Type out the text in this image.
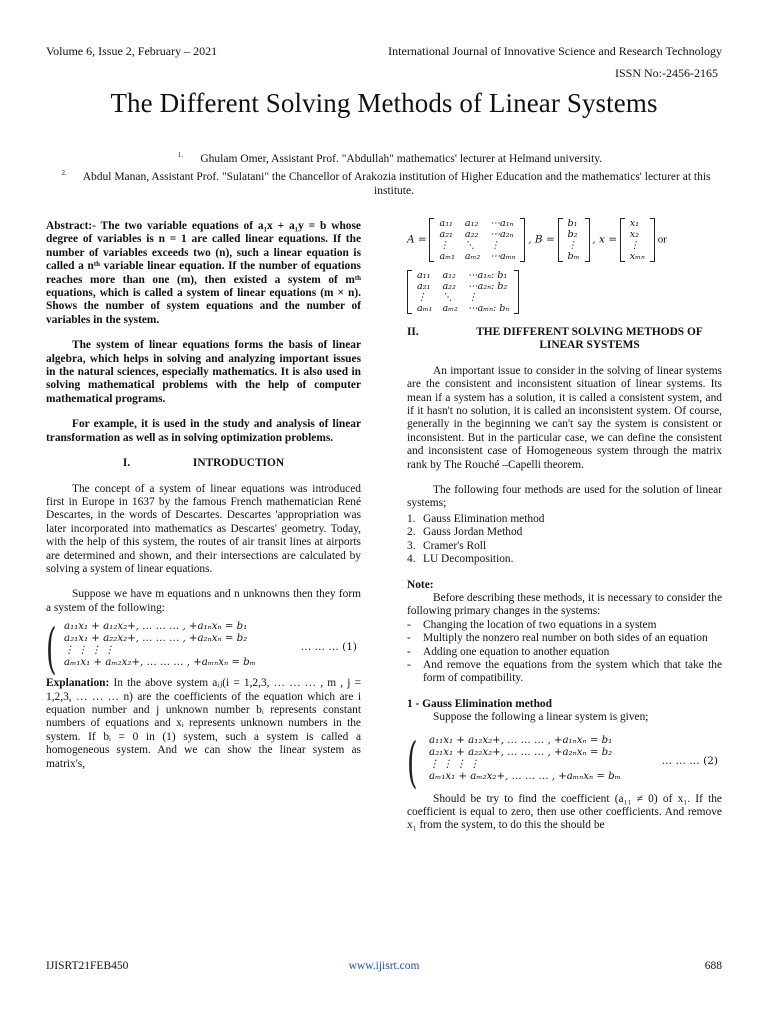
Volume 6, Issue 2, February – 2021	International Journal of Innovative Science and Research Technology
ISSN No:-2456-2165
The Different Solving Methods of Linear Systems
$^{1.}$ Ghulam Omer, Assistant Prof. "Abdullah" mathematics' lecturer at Helmand university.
$^{2.}$ Abdul Manan, Assistant Prof. "Sulatani" the Chancellor of Arakozia institution of Higher Education and the mathematics' lecturer at this institute.

Abstract:- The two variable equations of a₁x + a₁y = b whose degree of variables is n = 1 are called linear equations. If the number of variables exceeds two (n), such a linear equation is called a nᵗʰ variable linear equation. If the number of equations reaches more than one (m), then existed a system of mᵗʰ equations, which is called a system of linear equations (m × n). Shows the number of system equations and the number of variables in the system.

The system of linear equations forms the basis of linear algebra, which helps in solving and analyzing important issues in the natural sciences, especially mathematics. It is also used in solving mathematical problems with the help of computer mathematical programs.

For example, it is used in the study and analysis of linear transformation as well as in solving optimization problems.

I.	INTRODUCTION

The concept of a system of linear equations was introduced first in Europe in 1637 by the famous French mathematician René Descartes, in the words of Descartes. Descartes 'appropriation was later incorporated into mathematics as Descartes' geometry. Today, with the help of this system, the routes of air transit lines at airports are determined and shown, and their intersections are calculated by solving a system of linear equations.

Suppose we have m equations and n unknowns then they form a system of the following:

( a₁₁x₁ + a₁₂x₂+, … … … , +a₁ₙxₙ = b₁
a₂₁x₁ + a₂₂x₂+, … … … , +a₂ₙxₙ = b₂
⋮ ⋮ ⋮ ⋮
aₘ₁x₁ + aₘ₂x₂+, … … … , +aₘₙxₙ = bₘ
… … … (1)

Explanation: In the above system aᵢⱼ(i = 1,2,3, … … … , m , j = 1,2,3, … … … n) are the coefficients of the equation which are i equation number and j unknown number bᵢ represents constant numbers of equations and xᵢ represents unknown numbers in the system. If bᵢ = 0 in (1) system, such a system is called a homogeneous system. And we can show the linear system as matrix's,

A =
a₁₁	a₁₂	⋯a₁ₙ
a₂₁	a₂₂	⋯a₂ₙ
⋮	⋱	⋮
aₘ₁	aₘ₂	⋯aₘₙ
, B =
b₁
b₂
⋮
bₘ
, x =
x₁
x₂
⋮
xₘₙ
or
a₁₁	a₁₂	⋯a₁ₙ: b₁
a₂₁	a₂₂	⋯a₂ₙ: b₂
⋮	⋱	⋮
aₘ₁	aₘ₂	⋯aₘₙ: bₙ
II.	THE DIFFERENT SOLVING METHODS OF LINEAR SYSTEMS

An important issue to consider in the solving of linear systems are the consistent and inconsistent situation of linear systems. Its mean if a system has a solution, it is called a consistent system, and if it hasn't no solution, it is called an inconsistent system. Of course, generally in the beginning we can't say the system is consistent or inconsistent. But in the particular case, we can define the consistent and inconsistent case of Homogeneous system through the matrix rank by The Rouché –Capelli theorem.

The following four methods are used for the solution of linear systems;

1. Gauss Elimination method
2. Gauss Jordan Method
3. Cramer's Roll
4. LU Decomposition.
Note:

Before describing these methods, it is necessary to consider the following primary changes in the systems:

- Changing the location of two equations in a system
- Multiply the nonzero real number on both sides of an equation
- Adding one equation to another equation
- And remove the equations from the system which that take the form of compatibility.
1 - Gauss Elimination method

Suppose the following a linear system is given;

( a₁₁x₁ + a₁₂x₂+, … … … , +a₁ₙxₙ = b₁
a₂₁x₁ + a₂₂x₂+, … … … , +a₂ₙxₙ = b₂
⋮ ⋮ ⋮ ⋮
aₘ₁x₁ + aₘ₂x₂+, … … … , +aₘₙxₙ = bₘ
… … … (2)

Should be try to find the coefficient (a₁₁ ≠ 0) of x₁. If the coefficient is equal to zero, then use other coefficients. And remove x₁ from the system, to do this the should be

IJISRT21FEB450	www.ijisrt.com	688
